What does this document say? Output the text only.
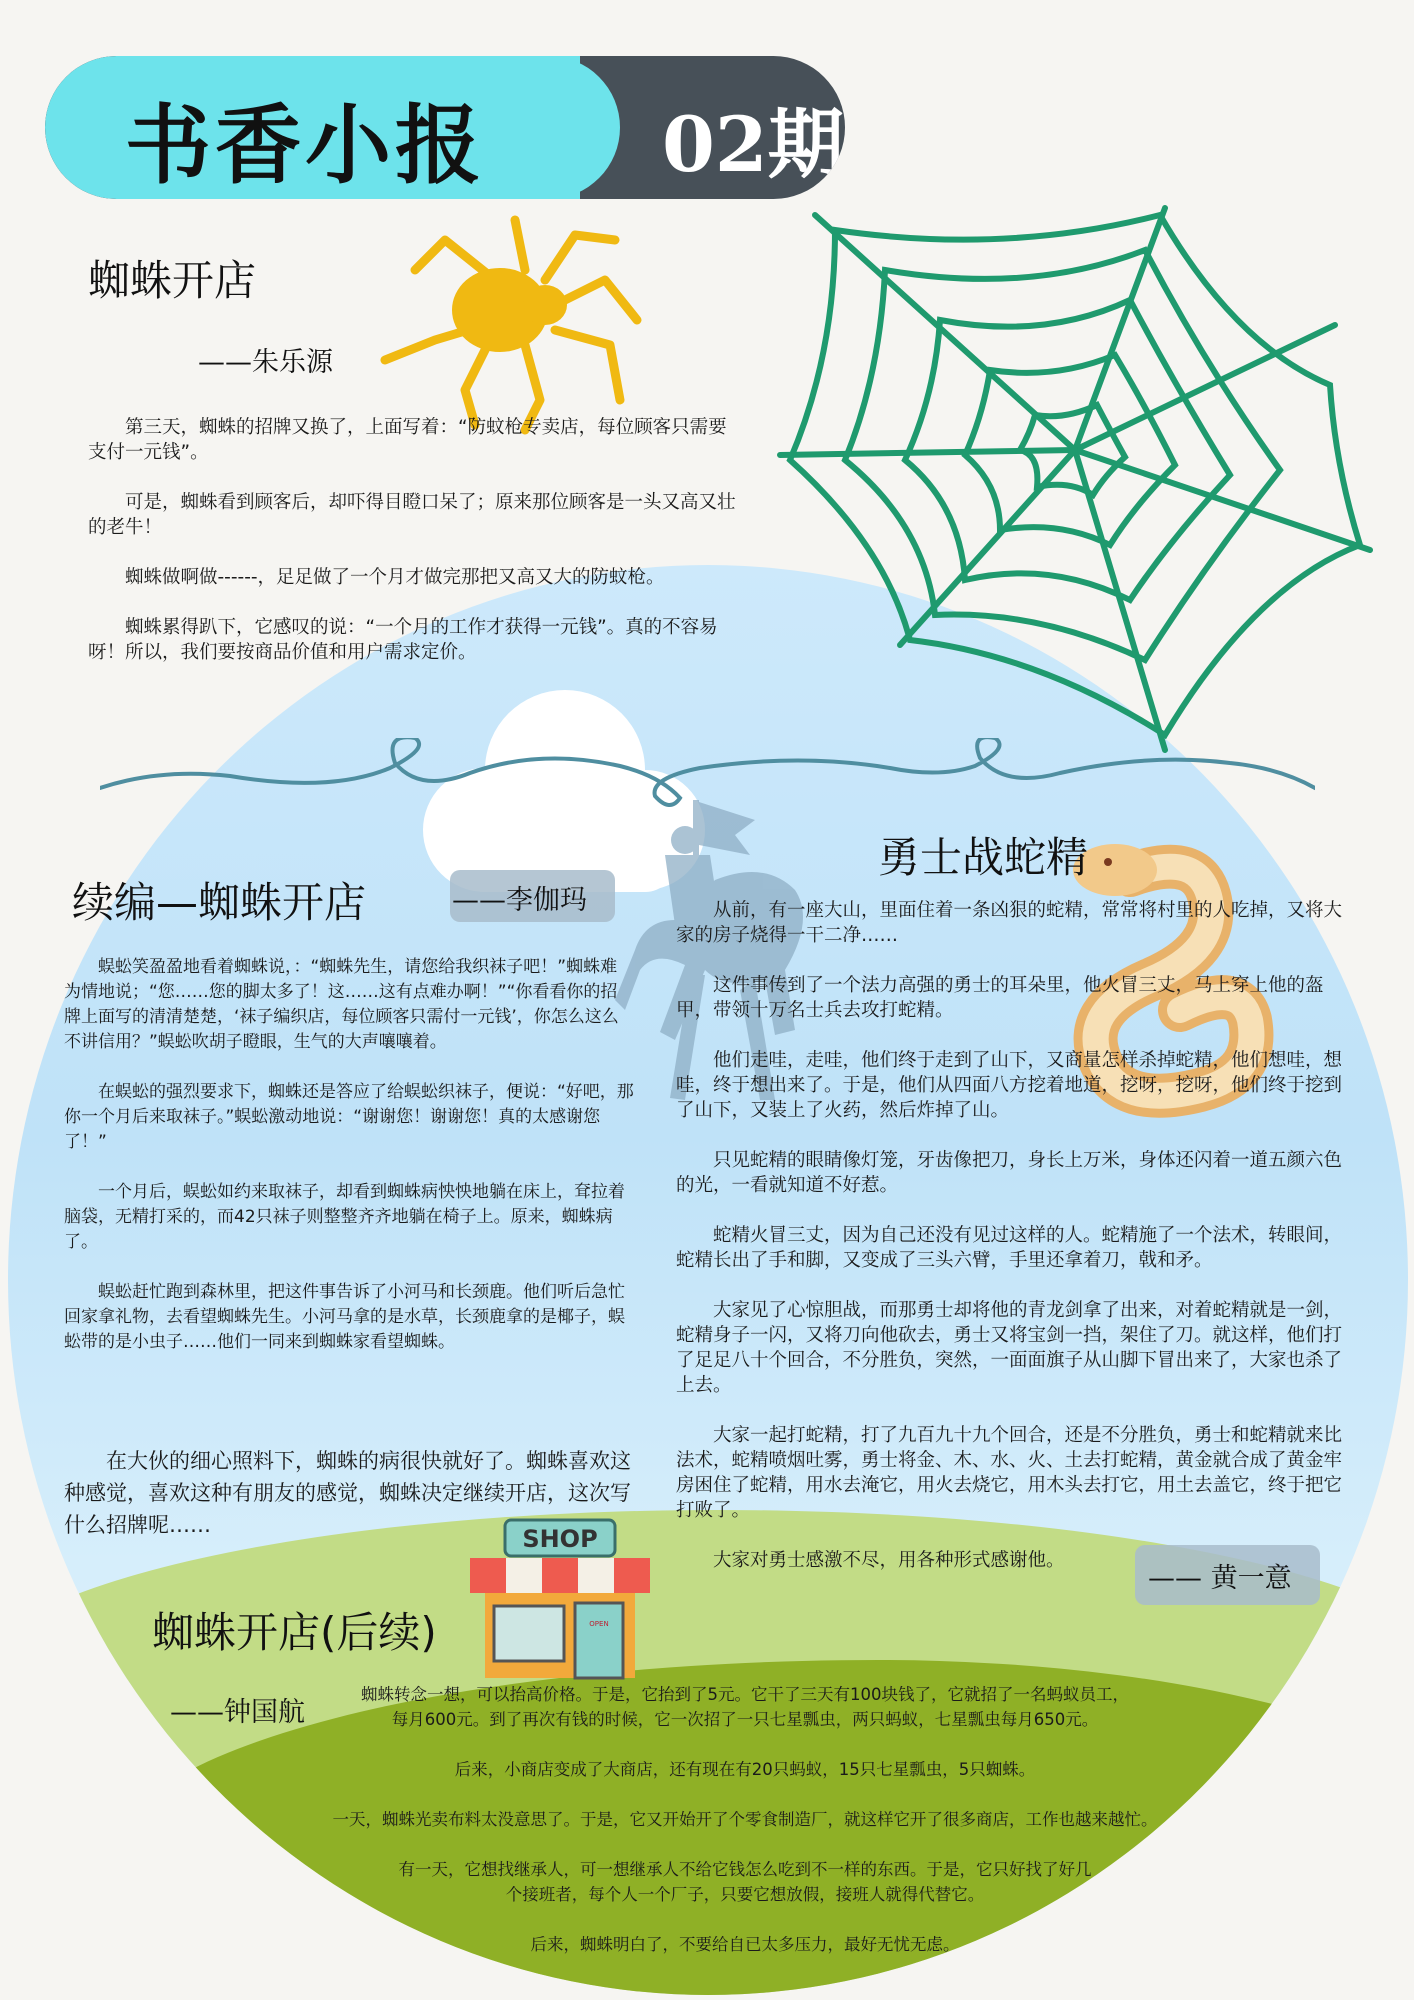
书香小报 02期
蜘蛛开店
——朱乐源

第三天，蜘蛛的招牌又换了，上面写着：“防蚊枪专卖店，每位顾客只需要支付一元钱”。

可是，蜘蛛看到顾客后，却吓得目瞪口呆了；原来那位顾客是一头又高又壮的老牛！

蜘蛛做啊做------，足足做了一个月才做完那把又高又大的防蚊枪。

蜘蛛累得趴下，它感叹的说：“一个月的工作才获得一元钱”。真的不容易呀！所以，我们要按商品价值和用户需求定价。

续编—蜘蛛开店	——李伽玛

蜈蚣笑盈盈地看着蜘蛛说，：“蜘蛛先生，请您给我织袜子吧！”蜘蛛难为情地说；“您……您的脚太多了！这……这有点难办啊！”“你看看你的招牌上面写的清清楚楚，‘袜子编织店，每位顾客只需付一元钱’，你怎么这么不讲信用？”蜈蚣吹胡子瞪眼，生气的大声嚷嚷着。

在蜈蚣的强烈要求下，蜘蛛还是答应了给蜈蚣织袜子，便说：“好吧，那你一个月后来取袜子。”蜈蚣激动地说：“谢谢您！谢谢您！真的太感谢您了！”

一个月后，蜈蚣如约来取袜子，却看到蜘蛛病怏怏地躺在床上，耷拉着脑袋，无精打采的，而42只袜子则整整齐齐地躺在椅子上。原来，蜘蛛病了。

蜈蚣赶忙跑到森林里，把这件事告诉了小河马和长颈鹿。他们听后急忙回家拿礼物，去看望蜘蛛先生。小河马拿的是水草，长颈鹿拿的是椰子，蜈蚣带的是小虫子……他们一同来到蜘蛛家看望蜘蛛。

在大伙的细心照料下，蜘蛛的病很快就好了。蜘蛛喜欢这种感觉，喜欢这种有朋友的感觉，蜘蛛决定继续开店，这次写什么招牌呢……
勇士战蛇精

从前，有一座大山，里面住着一条凶狠的蛇精，常常将村里的人吃掉，又将大家的房子烧得一干二净……

这件事传到了一个法力高强的勇士的耳朵里，他火冒三丈，马上穿上他的盔甲，带领十万名士兵去攻打蛇精。

他们走哇，走哇，他们终于走到了山下，又商量怎样杀掉蛇精，他们想哇，想哇，终于想出来了。于是，他们从四面八方挖着地道，挖呀，挖呀，他们终于挖到了山下，又装上了火药，然后炸掉了山。

只见蛇精的眼睛像灯笼，牙齿像把刀，身长上万米，身体还闪着一道五颜六色的光，一看就知道不好惹。

蛇精火冒三丈，因为自己还没有见过这样的人。蛇精施了一个法术，转眼间，蛇精长出了手和脚，又变成了三头六臂，手里还拿着刀，戟和矛。

大家见了心惊胆战，而那勇士却将他的青龙剑拿了出来，对着蛇精就是一剑，蛇精身子一闪，又将刀向他砍去，勇士又将宝剑一挡，架住了刀。就这样，他们打了足足八十个回合，不分胜负，突然，一面面旗子从山脚下冒出来了，大家也杀了上去。

大家一起打蛇精，打了九百九十九个回合，还是不分胜负，勇士和蛇精就来比法术，蛇精喷烟吐雾，勇士将金、木、水、火、土去打蛇精，黄金就合成了黄金牢房困住了蛇精，用水去淹它，用火去烧它，用木头去打它，用土去盖它，终于把它打败了。

大家对勇士感激不尽，用各种形式感谢他。

—— 黄一意
SHOP
OPEN
蜘蛛开店(后续)
——钟国航
蜘蛛转念一想，可以抬高价格。于是，它抬到了5元。它干了三天有100块钱了，它就招了一名蚂蚁员工，
每月600元。到了再次有钱的时候，它一次招了一只七星瓢虫，两只蚂蚁，七星瓢虫每月650元。
后来，小商店变成了大商店，还有现在有20只蚂蚁，15只七星瓢虫，5只蜘蛛。
一天，蜘蛛光卖布料太没意思了。于是，它又开始开了个零食制造厂，就这样它开了很多商店，工作也越来越忙。
有一天，它想找继承人，可一想继承人不给它钱怎么吃到不一样的东西。于是，它只好找了好几
个接班者，每个人一个厂子，只要它想放假，接班人就得代替它。
后来，蜘蛛明白了，不要给自已太多压力，最好无忧无虑。
